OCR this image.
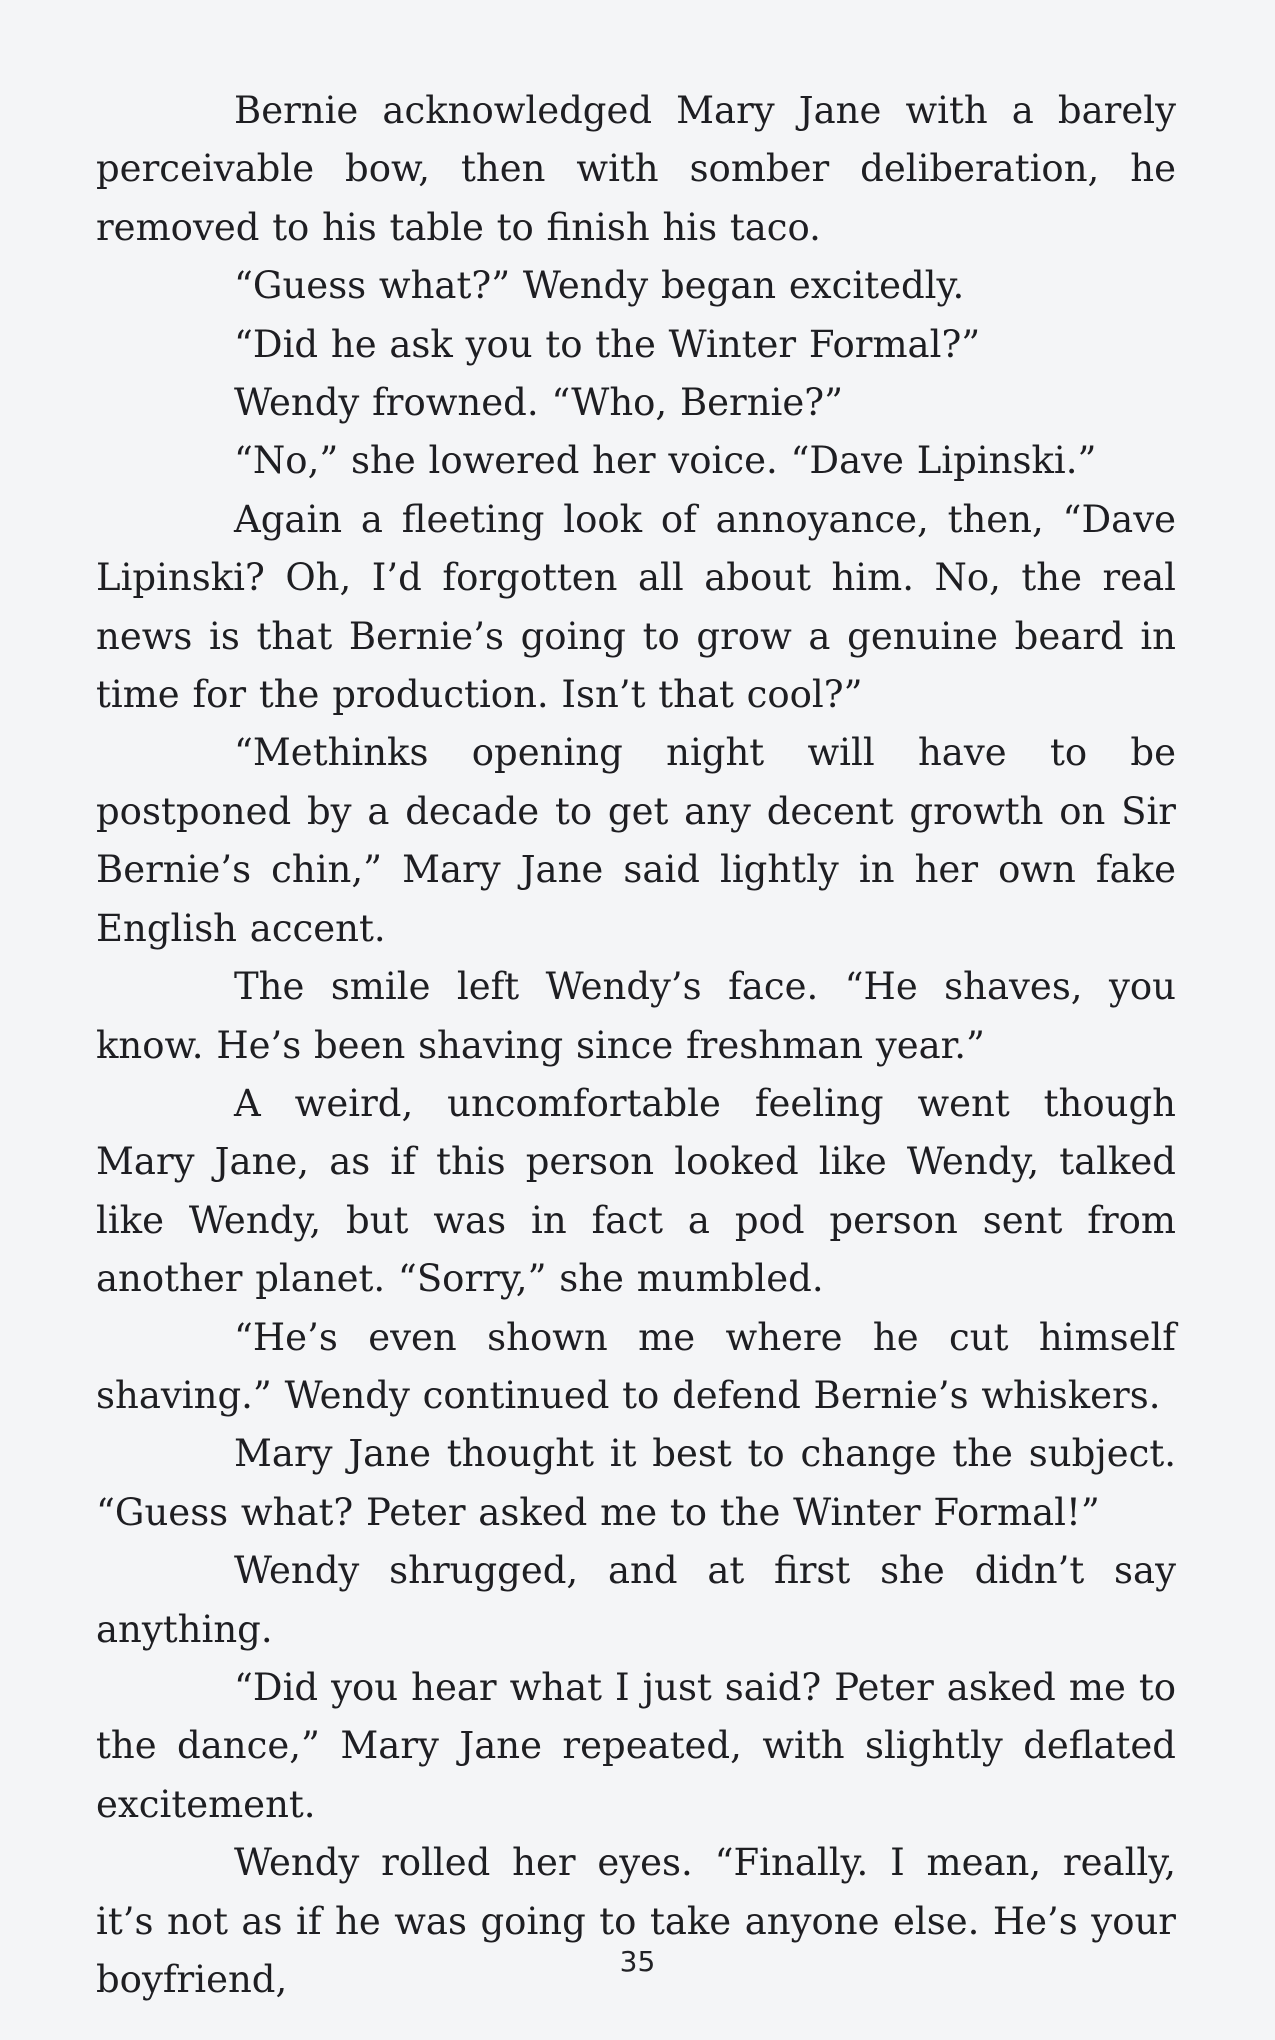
Bernie acknowledged Mary Jane with a barely perceivable bow, then with somber deliberation, he removed to his table to finish his taco.

“Guess what?” Wendy began excitedly.

“Did he ask you to the Winter Formal?”

Wendy frowned. “Who, Bernie?”

“No,” she lowered her voice. “Dave Lipinski.”

Again a fleeting look of annoyance, then, “Dave Lipinski? Oh, I’d forgotten all about him. No, the real news is that Bernie’s going to grow a genuine beard in time for the production. Isn’t that cool?”

“Methinks opening night will have to be postponed by a decade to get any decent growth on Sir Bernie’s chin,” Mary Jane said lightly in her own fake English accent.

The smile left Wendy’s face. “He shaves, you know. He’s been shaving since freshman year.”

A weird, uncomfortable feeling went though Mary Jane, as if this person looked like Wendy, talked like Wendy, but was in fact a pod person sent from another planet. “Sorry,” she mumbled.

“He’s even shown me where he cut himself shaving.” Wendy continued to defend Bernie’s whiskers.

Mary Jane thought it best to change the subject. “Guess what? Peter asked me to the Winter Formal!”

Wendy shrugged, and at first she didn’t say anything.

“Did you hear what I just said? Peter asked me to the dance,” Mary Jane repeated, with slightly deflated excitement.

Wendy rolled her eyes. “Finally. I mean, really, it’s not as if he was going to take anyone else. He’s your boyfriend,	35
